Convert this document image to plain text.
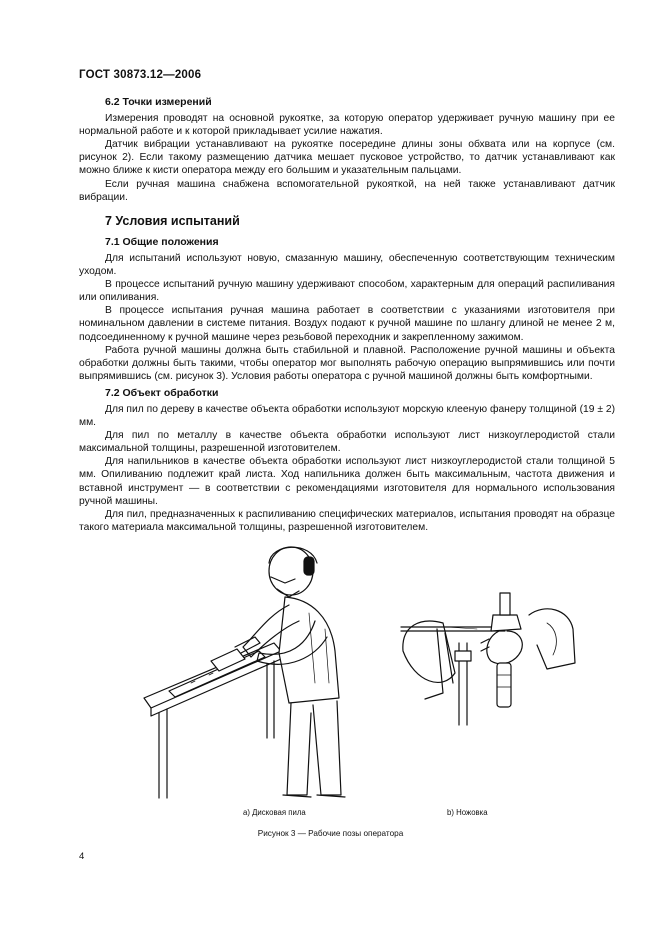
ГОСТ 30873.12—2006
6.2 Точки измерений

Измерения проводят на основной рукоятке, за которую оператор удерживает ручную машину при ее нормальной работе и к которой прикладывает усилие нажатия.

Датчик вибрации устанавливают на рукоятке посередине длины зоны обхвата или на корпусе (см. рисунок 2). Если такому размещению датчика мешает пусковое устройство, то датчик устанавливают как можно ближе к кисти оператора между его большим и указательным пальцами.

Если ручная машина снабжена вспомогательной рукояткой, на ней также устанавливают датчик вибрации.

7 Условия испытаний
7.1 Общие положения

Для испытаний используют новую, смазанную машину, обеспеченную соответствующим техническим уходом.

В процессе испытаний ручную машину удерживают способом, характерным для операций распиливания или опиливания.

В процессе испытания ручная машина работает в соответствии с указаниями изготовителя при номинальном давлении в системе питания. Воздух подают к ручной машине по шлангу длиной не менее 2 м, подсоединенному к ручной машине через резьбовой переходник и закрепленному зажимом.

Работа ручной машины должна быть стабильной и плавной. Расположение ручной машины и объекта обработки должны быть такими, чтобы оператор мог выполнять рабочую операцию выпрямившись или почти выпрямившись (см. рисунок 3). Условия работы оператора с ручной машиной должны быть комфортными.

7.2 Объект обработки

Для пил по дереву в качестве объекта обработки используют морскую клееную фанеру толщиной (19 ± 2) мм.

Для пил по металлу в качестве объекта обработки используют лист низкоуглеродистой стали максимальной толщины, разрешенной изготовителем.

Для напильников в качестве объекта обработки используют лист низкоуглеродистой стали толщиной 5 мм. Опиливанию подлежит край листа. Ход напильника должен быть максимальным, частота движения и вставной инструмент — в соответствии с рекомендациями изготовителя для нормального использования ручной машины.

Для пил, предназначенных к распиливанию специфических материалов, испытания проводят на образце такого материала максимальной толщины, разрешенной изготовителем.

а) Дисковая пила	b) Ножовка
Рисунок 3 — Рабочие позы оператора
4
